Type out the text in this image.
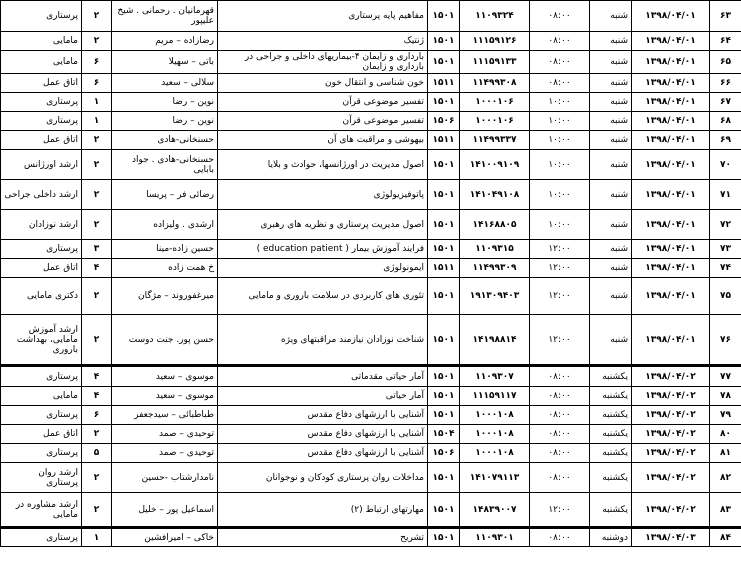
۶۳	۱۳۹۸/۰۴/۰۱	شنبه	۰۸:۰۰	۱۱۰۹۳۲۴	۱۵۰۱	مفاهیم پایه پرستاری	قهرمانیان . رحمانی . شیخ علیپور	۲	پرستاری
۶۴	۱۳۹۸/۰۴/۰۱	شنبه	۰۸:۰۰	۱۱۱۵۹۱۲۶	۱۵۰۱	ژنتیک	رضازاده – مریم	۲	مامایی
۶۵	۱۳۹۸/۰۴/۰۱	شنبه	۰۸:۰۰	۱۱۱۵۹۱۳۳	۱۵۰۱	بارداری و زایمان ۴-بیماریهای داخلی و جراحی در بارداری و زایمان	باتی – سهیلا	۶	مامایی
۶۶	۱۳۹۸/۰۴/۰۱	شنبه	۰۸:۰۰	۱۱۴۹۹۳۰۸	۱۵۱۱	خون شناسی و انتقال خون	سلالی – سعید	۶	اتاق عمل
۶۷	۱۳۹۸/۰۴/۰۱	شنبه	۱۰:۰۰	۱۰۰۰۱۰۶	۱۵۰۱	تفسیر موضوعی قرآن	نوین – رضا	۱	پرستاری
۶۸	۱۳۹۸/۰۴/۰۱	شنبه	۱۰:۰۰	۱۰۰۰۱۰۶	۱۵۰۶	تفسیر موضوعی قرآن	نوین – رضا	۱	پرستاری
۶۹	۱۳۹۸/۰۴/۰۱	شنبه	۱۰:۰۰	۱۱۴۹۹۳۳۷	۱۵۱۱	بیهوشی و مراقبت های آن	حسنخانی-هادی	۲	اتاق عمل
۷۰	۱۳۹۸/۰۴/۰۱	شنبه	۱۰:۰۰	۱۴۱۰۰۹۱۰۹	۱۵۰۱	اصول مدیریت در اورژانسها، حوادث و بلایا	حسنخانی-هادی . جواد بابایی	۲	ارشد اورژانس
۷۱	۱۳۹۸/۰۴/۰۱	شنبه	۱۰:۰۰	۱۴۱۰۴۹۱۰۸	۱۵۰۱	پاتوفیزیولوژی	رضائی فر – پریسا	۲	ارشد داخلی جراحی
۷۲	۱۳۹۸/۰۴/۰۱	شنبه	۱۰:۰۰	۱۴۱۶۸۸۰۵	۱۵۰۱	اصول مدیریت پرستاری و نظریه های رهبری	ارشدی . ولیزاده	۲	ارشد نوزادان
۷۳	۱۳۹۸/۰۴/۰۱	شنبه	۱۲:۰۰	۱۱۰۹۳۱۵	۱۵۰۱	فرایند آموزش بیمار ( education patient )	حسین زاده-مینا	۳	پرستاری
۷۴	۱۳۹۸/۰۴/۰۱	شنبه	۱۲:۰۰	۱۱۴۹۹۳۰۹	۱۵۱۱	ایمونولوژی	خ همت زاده	۴	اتاق عمل
۷۵	۱۳۹۸/۰۴/۰۱	شنبه	۱۲:۰۰	۱۹۱۳۰۹۴۰۳	۱۵۰۱	تئوری های کاربردی در سلامت باروری و مامایی	میرغفوروند – مژگان	۲	دکتری مامایی
۷۶	۱۳۹۸/۰۴/۰۱	شنبه	۱۲:۰۰	۱۴۱۹۸۸۱۴	۱۵۰۱	شناخت نوزادان نیازمند مراقبتهای ویژه	حسن پور. جنت دوست	۲	ارشد آموزش مامایی، بهداشت باروری
۷۷	۱۳۹۸/۰۴/۰۲	یکشنبه	۰۸:۰۰	۱۱۰۹۳۰۷	۱۵۰۱	آمار حیاتی مقدماتی	موسوی – سعید	۴	پرستاری
۷۸	۱۳۹۸/۰۴/۰۲	یکشنبه	۰۸:۰۰	۱۱۱۵۹۱۱۷	۱۵۰۱	آمار حیاتی	موسوی – سعید	۴	مامایی
۷۹	۱۳۹۸/۰۴/۰۲	یکشنبه	۰۸:۰۰	۱۰۰۰۱۰۸	۱۵۰۱	آشنایی با ارزشهای دفاع مقدس	طباطبائی – سیدجعفر	۶	پرستاری
۸۰	۱۳۹۸/۰۴/۰۲	یکشنبه	۰۸:۰۰	۱۰۰۰۱۰۸	۱۵۰۴	آشنایی با ارزشهای دفاع مقدس	توحیدی – صمد	۲	اتاق عمل
۸۱	۱۳۹۸/۰۴/۰۲	یکشنبه	۰۸:۰۰	۱۰۰۰۱۰۸	۱۵۰۶	آشنایی با ارزشهای دفاع مقدس	توحیدی – صمد	۵	پرستاری
۸۲	۱۳۹۸/۰۴/۰۲	یکشنبه	۰۸:۰۰	۱۴۱۰۷۹۱۱۳	۱۵۰۱	مداخلات روان پرستاری کودکان و نوجوانان	نامدارشتاب -حسین	۲	ارشد روان پرستاری
۸۳	۱۳۹۸/۰۴/۰۲	یکشنبه	۱۲:۰۰	۱۴۸۳۹۰۰۷	۱۵۰۱	مهارتهای ارتباط (۲)	اسماعیل پور – خلیل	۲	ارشد مشاوره در مامایی
۸۴	۱۳۹۸/۰۴/۰۳	دوشنبه	۰۸:۰۰	۱۱۰۹۳۰۱	۱۵۰۱	تشریح	خاکی – امیرافشین	۱	پرستاری
